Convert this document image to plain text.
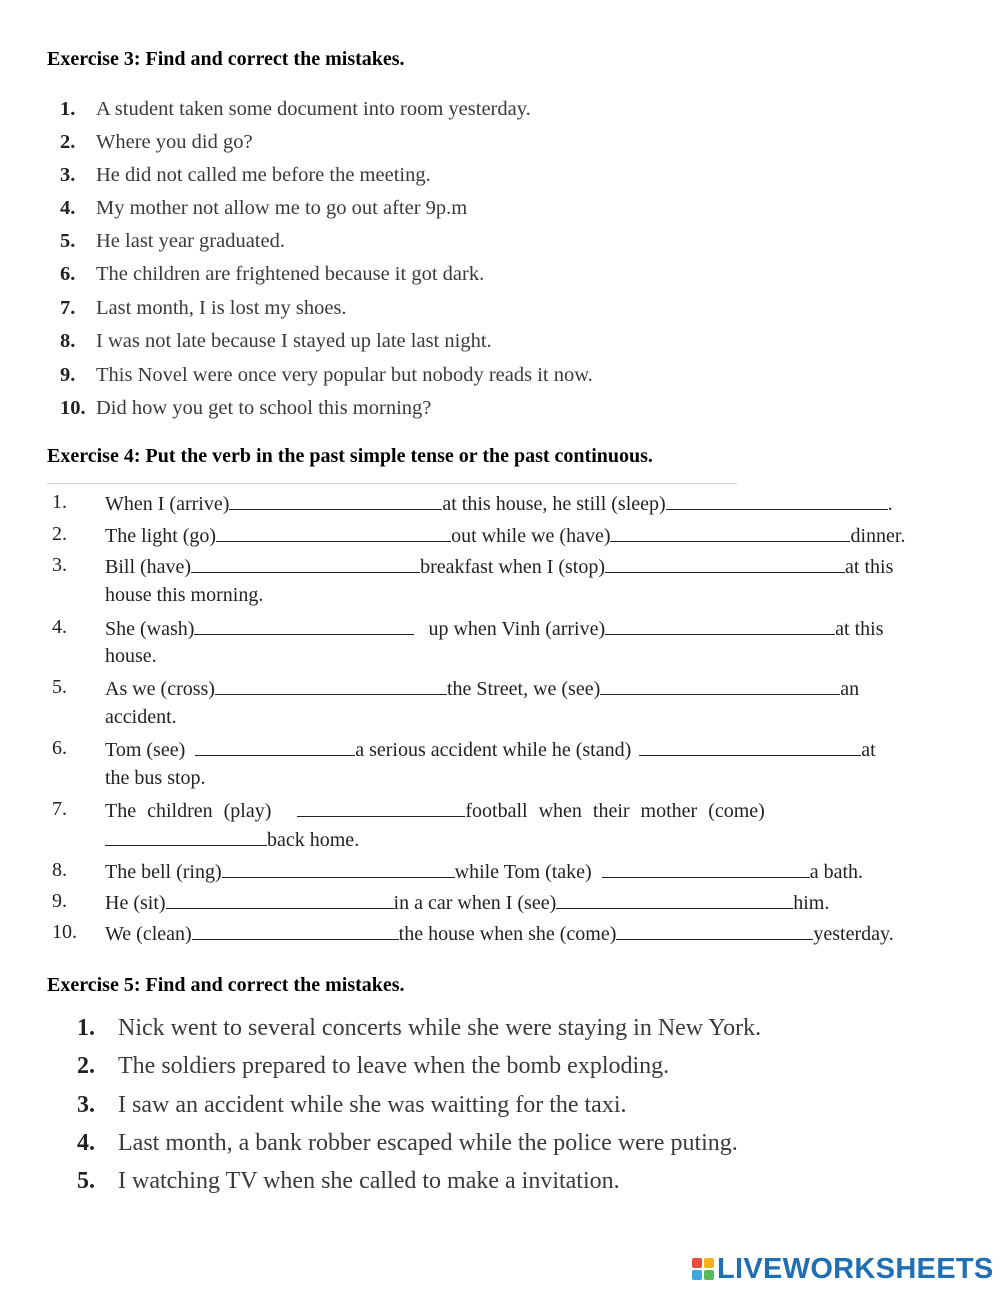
Exercise 3: Find and correct the mistakes.
1.	A student taken some document into room yesterday.
2.	Where you did go?
3.	He did not called me before the meeting.
4.	My mother not allow me to go out after 9p.m
5.	He last year graduated.
6.	The children are frightened because it got dark.
7.	Last month, I is lost my shoes.
8.	I was not late because I stayed up late last night.
9.	This Novel were once very popular but nobody reads it now.
10. Did how you get to school this morning?
Exercise 4: Put the verb in the past simple tense or the past continuous.
1. When I (arrive)	at this house, he still (sleep)	.
2. The light (go)	out while we (have)	dinner.
3. Bill (have)	breakfast when I (stop)	at this
house this morning.
4. She (wash)	up when Vinh (arrive)	at this
house.
5. As we (cross)	the Street, we (see)	an
accident.
6. Tom (see)	a serious accident while he (stand)	at
the bus stop.
7. The children (play)	football when their mother (come)
back home.
8. The bell (ring)	while Tom (take)	a bath.
9. He (sit)	in a car when I (see)	him.
10. We (clean)	the house when she (come)	yesterday.
Exercise 5: Find and correct the mistakes.
1. Nick went to several concerts while she were staying in New York.
2. The soldiers prepared to leave when the bomb exploding.
3. I saw an accident while she was waitting for the taxi.
4. Last month, a bank robber escaped while the police were puting.
5. I watching TV when she called to make a invitation.
LIVEWORKSHEETS
